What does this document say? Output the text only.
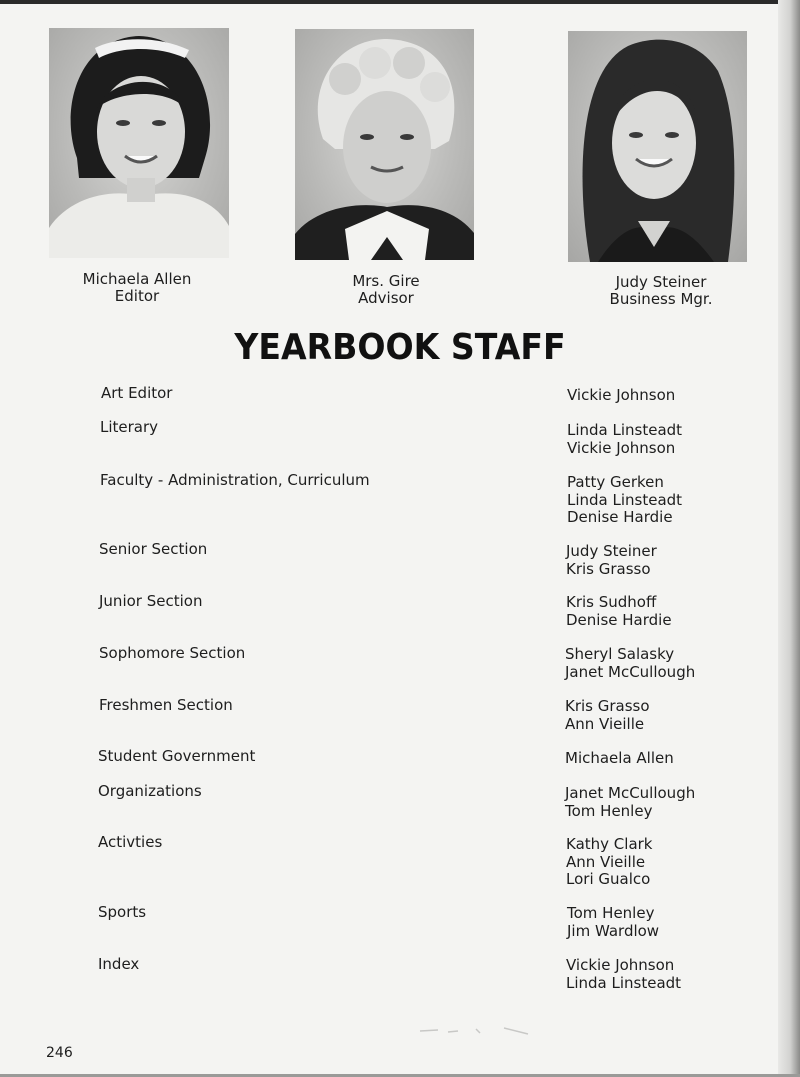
Michaela Allen
Editor
Mrs. Gire
Advisor
Judy Steiner
Business Mgr.
YEARBOOK STAFF
Art Editor
Literary
Faculty - Administration, Curriculum
Senior Section
Junior Section
Sophomore Section
Freshmen Section
Student Government
Organizations
Activties
Sports
Index
Vickie Johnson
Linda Linsteadt
Vickie Johnson
Patty Gerken
Linda Linsteadt
Denise Hardie
Judy Steiner
Kris Grasso
Kris Sudhoff
Denise Hardie
Sheryl Salasky
Janet McCullough
Kris Grasso
Ann Vieille
Michaela Allen
Janet McCullough
Tom Henley
Kathy Clark
Ann Vieille
Lori Gualco
Tom Henley
Jim Wardlow
Vickie Johnson
Linda Linsteadt
246
